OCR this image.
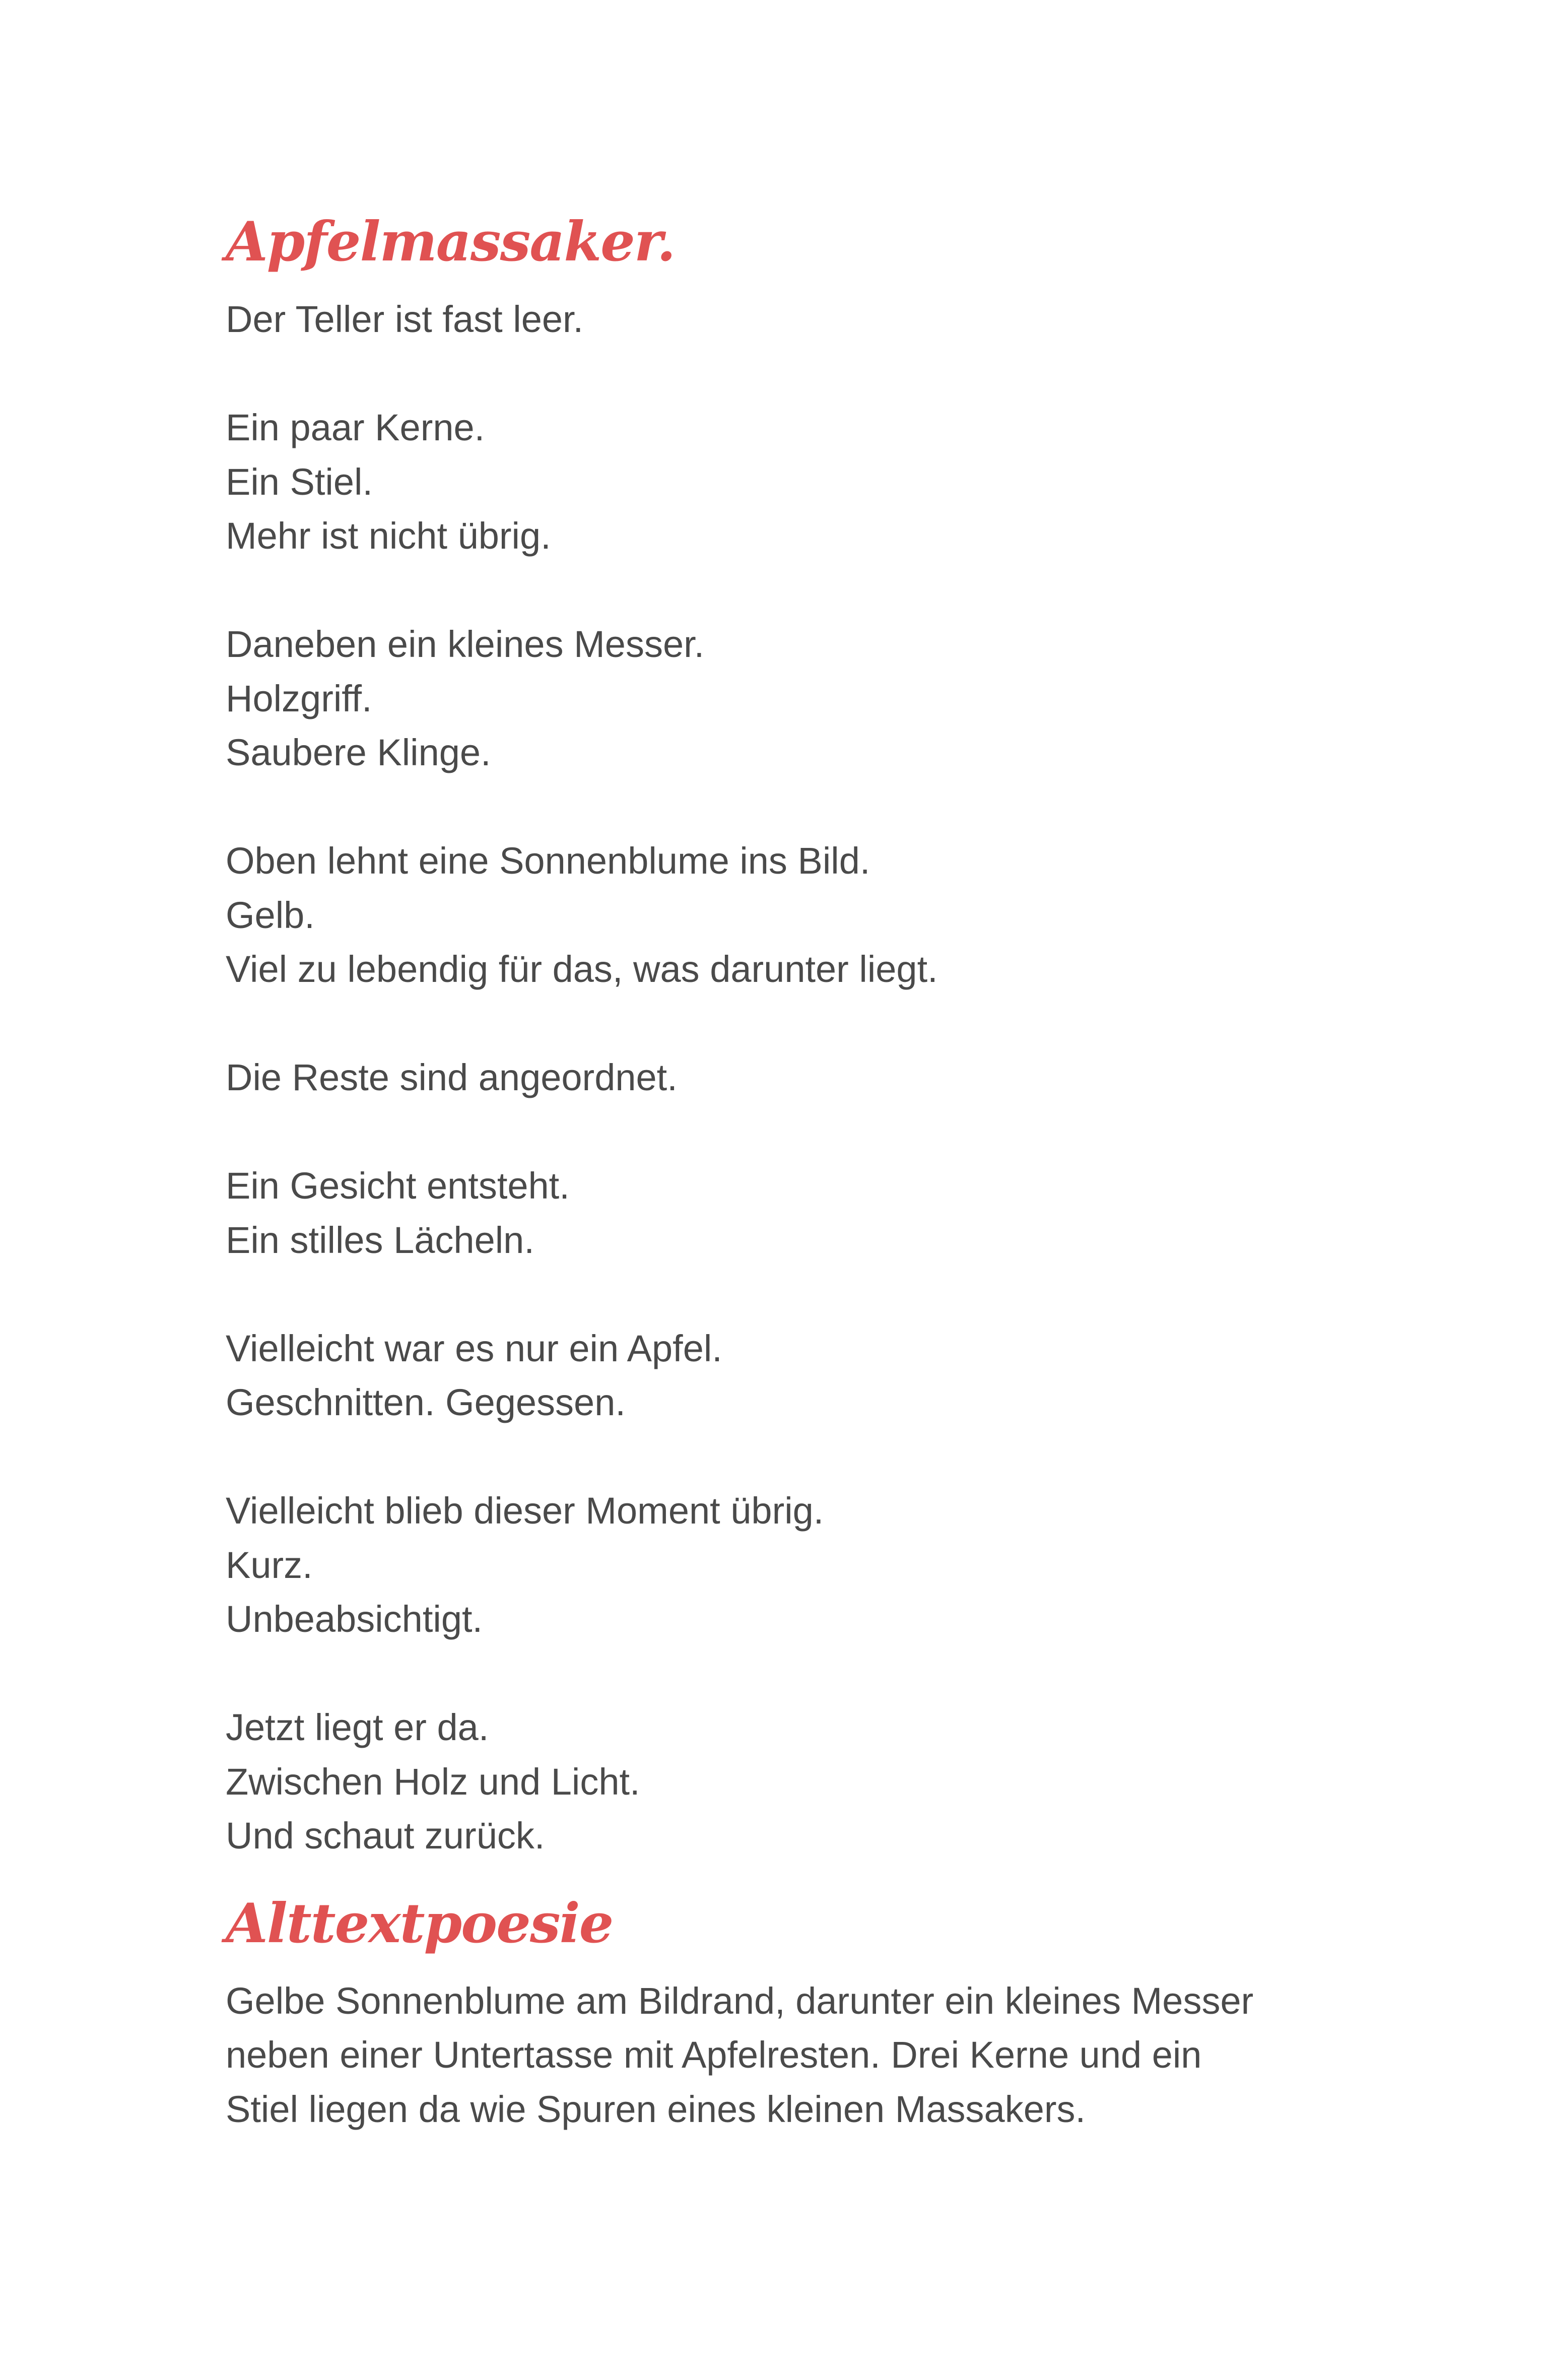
Apfelmassaker.
Der Teller ist fast leer.
Ein paar Kerne.
Ein Stiel.
Mehr ist nicht übrig.
Daneben ein kleines Messer.
Holzgriff.
Saubere Klinge.
Oben lehnt eine Sonnenblume ins Bild.
Gelb.
Viel zu lebendig für das, was darunter liegt.
Die Reste sind angeordnet.
Ein Gesicht entsteht.
Ein stilles Lächeln.
Vielleicht war es nur ein Apfel.
Geschnitten. Gegessen.
Vielleicht blieb dieser Moment übrig.
Kurz.
Unbeabsichtigt.
Jetzt liegt er da.
Zwischen Holz und Licht.
Und schaut zurück.
Alttextpoesie
Gelbe Sonnenblume am Bildrand, darunter ein kleines Messer
neben einer Untertasse mit Apfelresten. Drei Kerne und ein
Stiel liegen da wie Spuren eines kleinen Massakers.
